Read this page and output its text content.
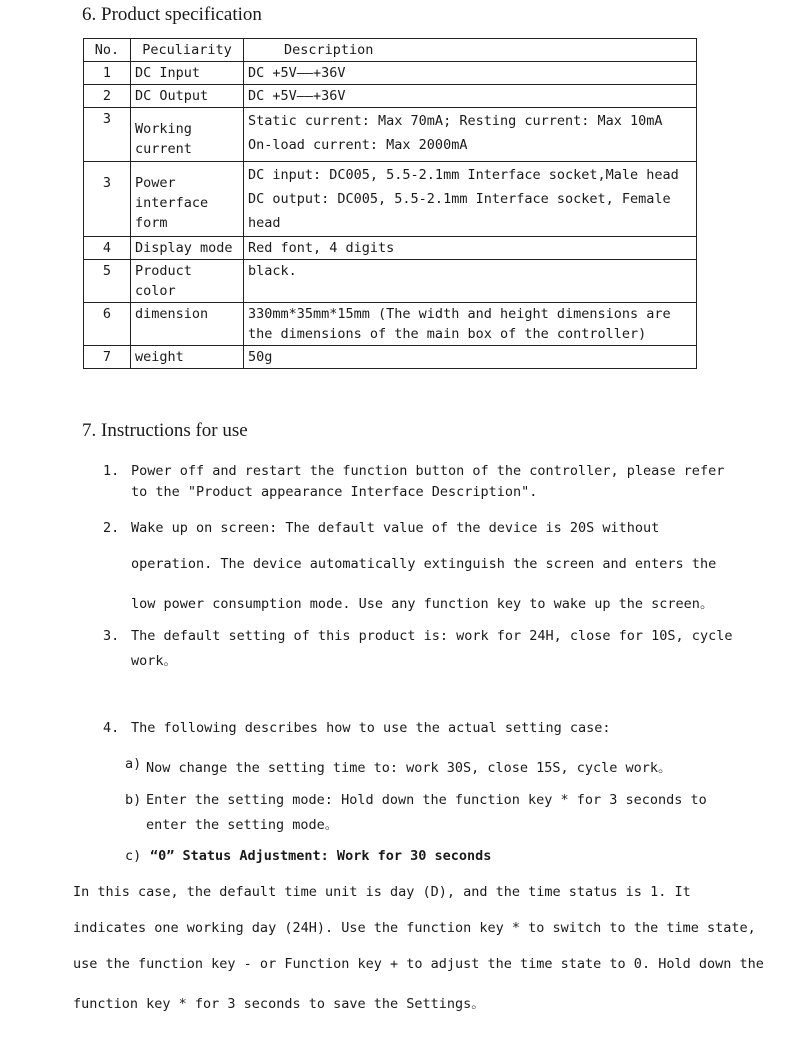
6. Product specification
No.	Peculiarity	Description
1	DC Input	DC +5V——+36V
2	DC Output	DC +5V——+36V
3	Working current	Static current: Max 70mA; Resting current: Max 10mA
On-load current: Max 2000mA

3	Power interface form	DC input: DC005, 5.5-2.1mm Interface socket,Male head
DC output: DC005, 5.5-2.1mm Interface socket, Female head

4	Display mode	Red font, 4 digits
5	Product color	black.
6	dimension	330mm*35mm*15mm (The width and height dimensions are the dimensions of the main box of the controller)
7	weight	50g
7. Instructions for use
1. Power off and restart the function button of the controller, please refer
to the "Product appearance Interface Description".
2. Wake up on screen: The default value of the device is 20S without
operation. The device automatically extinguish the screen and enters the
low power consumption mode. Use any function key to wake up the screen。
3. The default setting of this product is: work for 24H, close for 10S, cycle
work。
4. The following describes how to use the actual setting case:
a) Now change the setting time to: work 30S, close 15S, cycle work。
b) Enter the setting mode: Hold down the function key * for 3 seconds to
enter the setting mode。
c) “0” Status Adjustment: Work for 30 seconds
In this case, the default time unit is day (D), and the time status is 1. It
indicates one working day (24H). Use the function key * to switch to the time state,
use the function key - or Function key + to adjust the time state to 0. Hold down the
function key * for 3 seconds to save the Settings。
